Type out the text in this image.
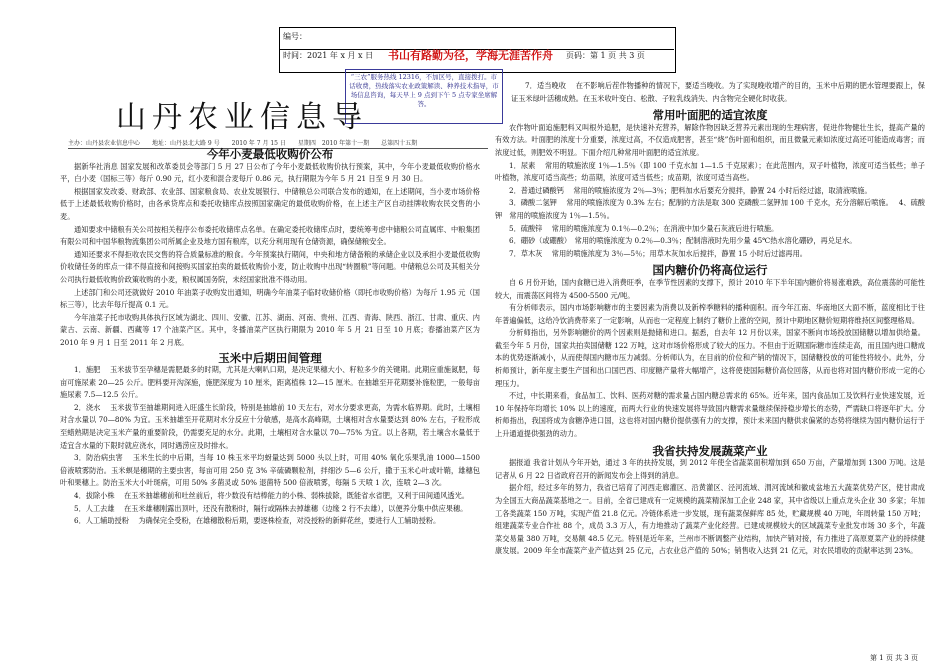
编号：
时间：2021 年 x 月 x 日 书山有路勤为径，学海无涯苦作舟 页码：第 1 页 共 3 页
“三农”服务热线 12316，不加区号，直接拨打。市话收费，热线落实农业政策解读、种养技术指导，市场信息咨询，每天早上 9 点到下午 5 点专家坐席解答。
山丹农业信息导
主办：山丹县农业信息中心　　地址：山丹县北大路 9 号　　2010 年 7 月 15 日　　星期四　2010 年第十一期　　总第四十五期
今年小麦最低收购价公布

据新华社消息 国家发展和改革委员会等部门 5 月 27 日公布了今年小麦最低收购价执行预案，其中，今年小麦最低收购价格水平，白小麦（国标三等）每斤 0.90 元，红小麦和混合麦每斤 0.86 元，执行期限为今年 5 月 21 日至 9 月 30 日。

根据国家发改委、财政部、农业部、国家粮食局、农业发展银行、中储粮总公司联合发布的通知，在上述期间，当小麦市场价格低于上述最低收购价格时，由各承贷库点和委托收储库点按照国家确定的最低收购价格，在上述主产区自动挂牌收购农民交售的小麦。

通知要求中储粮有关公司按相关程序公布委托收储库点名单。在确定委托收储库点时，要统筹考虑中储粮公司直属库、中粮集团有限公司和中国华粮物流集团公司所属企业及地方国有粮库，以充分利用现有仓储资源，确保储粮安全。

通知还要求不得拒收农民交售的符合质量标准的粮食。今年预案执行期间，中央和地方储备粮的承储企业以及承担小麦最低收购价收储任务的库点一律不得直接和间接购买国家拍卖的最低收购价小麦，防止收购中出现“转圈粮”等问题。中储粮总公司及其相关分公司执行最低收购价政策收购的小麦，粮权属国务院，未经国家批准不得动用。

上述部门和公司还就做好 2010 年油菜子收购发出通知，明确今年油菜子临时收储价格（即托市收购价格）为每斤 1.95 元（国标三等），比去年每斤提高 0.1 元。

今年油菜子托市收购具体执行区域为湖北、四川、安徽、江苏、湖南、河南、贵州、江西、青海、陕西、浙江、甘肃、重庆、内蒙古、云南、新疆、西藏等 17 个油菜产区。其中，冬播油菜产区执行期限为 2010 年 5 月 21 日至 10 月底；春播油菜产区为 2010 年 9 月 1 日至 2011 年 2 月底。

玉米中后期田间管理

1．施肥　 玉米拔节至孕穗是需肥最多的时期，尤其是大喇叭口期，是决定果穗大小、籽粒多少的关键期。此期应重施氮肥，每亩可施尿素 20—25 公斤。肥料要开沟深施，施肥深度为 10 厘米，距离植株 12—15 厘米。在抽雄至开花期要补施粒肥，一般每亩施尿素 7.5—12.5 公斤。

2．浇水　 玉米拔节至抽雄期间进入旺盛生长阶段，特别是抽雄前 10 天左右，对水分要求更高，为需水临界期。此时，土壤相对含水量以 70—80% 为宜。玉米抽雄至开花期对水分反应十分敏感，是高水高峰期，土壤相对含水量要达到 80% 左右，子粒形成至蜡熟期是决定玉米产量的重要阶段，仍需要充足的水分。此期，土壤相对含水量以 70—75% 为宜。以上各期，若土壤含水量低于适宜含水量的下限时就应浇水，同时遇涝应及时排水。

3．防治病虫害　 玉米生长的中后期，当每 10 株玉米平均蚜量达到 5000 头以上时，可用 40% 氧化乐果乳油 1000—1500 倍液喷雾防治。玉米螟是穗期的主要虫害，每亩可用 250 克 3% 辛硫磷颗粒剂，拌细沙 5—6 公斤，撒于玉米心叶或叶鞘，雄穗包叶和果穗上。防治玉米大小叶斑病，可用 50% 多菌灵或 50% 退菌特 500 倍液喷雾，每隔 5 天喷 1 次，连喷 2—3 次。

4．拔除小株　 在玉米抽雄穗前和吐丝前后，将少数没有结棒能力的小株、弱株拔除，既能省水省肥，又利于田间通风透光。

5．人工去雄　 在玉米雄穗刚露出顶叶，还没有散粉时，隔行或隔株去掉雄穗（边缘 2 行不去雄），以便养分集中供应果穗。

6．人工辅助授粉　 为确保完全受粉，在雄穗散粉后期，要逐株检查，对没授粉的新鲜花丝，要进行人工辅助授粉。

7．适当晚收　 在不影响后茬作物播种的情况下，要适当晚收。为了实现晚收增产的目的，玉米中后期的肥水管理要跟上，保证玉米绿叶活穗成熟。在玉米收叶变白、松散、子粒乳线消失、内含物完全硬化时收获。

常用叶面肥的适宜浓度

农作物叶面追施肥料又叫根外追肥，是快速补充营养，解除作物因缺乏营养元素出现的生理病害，促进作物健壮生长，提高产量的有效方法。叶面肥的浓度十分重要，浓度过高，不仅造成肥害，甚至“烧”伤叶面和组织，而且微量元素如浓度过高还可能造成毒害；而浓度过低，则肥效不明显。下面介绍几种常用叶面肥的适宜浓度。

1．尿素　 常用的喷施浓度 1％—1.5％（即 100 千克水加 1—1.5 千克尿素）；在此范围内，双子叶植物，浓度可适当低些；单子叶植物，浓度可适当高些；幼苗期，浓度可适当低些；成苗期，浓度可适当高些。

2．普通过磷酸钙　 常用的喷施浓度为 2％—3％；肥料加水后要充分搅拌，静置 24 小时后经过滤，取清液喷施。

3．磷酸二氢钾　 常用的喷施浓度为 0.3% 左右；配制的方法是取 300 克磷酸二氢钾加 100 千克水，充分溶解后喷施。　 4、硫酸钾　常用的喷施浓度为 1％—1.5％。

5．硫酸锌　 常用的喷施浓度为 0.1％—0.2％；在消液中加少量石灰液后进行喷施。

6．硼砂（或硼酸）　常用的喷施浓度为 0.2％—0.3％；配制溶液时先用少量 45℃热水溶化硼砂，再兑足水。

7．草木灰　 常用的喷施浓度为 3％—5％；用草木灰加水后搅拌，静置 15 小时后过滤再用。

国内糖价仍将高位运行

自 6 月份开始，国内食糖已进入消费旺季，在季节性因素的支撑下，预计 2010 年下半年国内糖价将易涨难跌，高位震荡的可能性较大，而震荡区间将为 4500-5500 元/吨。

有分析师表示，国内市场影响糖市的主要因素为消费以及新榨季糖料的播种面积。而今年江南、华南地区大面不断，蓝度相比于往年普遍偏低，这给冷饮消费带来了一定影响，从而也一定程度上制约了糖价上涨的空间，预计中期地区糖价短期将维持区间整理格局。

分析师指出，另外影响糖价的两个因素则是抛储和进口。据悉，自去年 12 月份以来，国家不断向市场投放国储糖以增加供给量。截至今年 5 月份，国家共拍卖国储糖 122 万吨，这对市场价格形成了较大的压力。不但由于近期国际糖市连续走高，而且国内进口糖成本的优势逐渐减小，从而使得国内糖市压力减弱。分析师认为，在目前的价位和产销的情况下，国储糖投放的可能性将较小。此外，分析师预计，新年度主要生产国和出口国巴西、印度糖产量将大幅增产，这将使使国际糖价高位回落，从而也将对国内糖价形成一定的心理压力。

不过，中长期来看，食品加工、饮料、医药对糖的需求量占国内糖总需求的 65%。近年来，国内食品加工及饮料行业快速发展，近 10 年保持年均增长 10% 以上的速度，而两大行业的快速发展将导致国内糖需求量继续保持稳步增长的态势，严需缺口将逐年扩大。分析师指出，我国将成为食糖净进口国，这也将对国内糖价提供强有力的支撑，预计未来国内糖供求偏紧的态势将继续为国内糖价运行于上升通道提供强劲的动力。

我省扶持发展蔬菜产业

据报道 我省计划从今年开始，通过 3 年的扶持发展，到 2012 年使全省蔬菜面积增加到 650 万亩，产量增加到 1300 万吨。这是记者从 6 月 22 日省政府召开的新闻发布会上得到的消息。

据介绍，经过多年的努力，我省已培育了河西走廊灌区、沿黄灌区、泾河流域、渭河流域和徽成盆地五大蔬菜优势产区，使甘肃成为全国五大商品蔬菜基地之一。目前，全省已建成有一定规模的蔬菜精深加工企业 248 家，其中省级以上重点龙头企业 30 多家；年加工各类蔬菜 150 万吨，实现产值 21.8 亿元。冷链体系进一步发展，现有蔬菜保鲜库 85 处，贮藏规模 40 万吨，年周转量 150 万吨；组建蔬菜专业合作社 88 个，成员 3.3 万人，有力地推动了蔬菜产业化经营。已建成规模较大的区域蔬菜专业批发市场 30 多个，年蔬菜交易量 380 万吨，交易额 48.5 亿元。特别是近年来，兰州市不断调整产业结构，加快产销对接，有力推进了高原夏菜产业的持续健康发展。2009 年全市蔬菜产业产值达到 25 亿元，占农业总产值的 50%；销售收入达到 21 亿元，对农民增收的贡献率达到 23%。

第 1 页 共 3 页
